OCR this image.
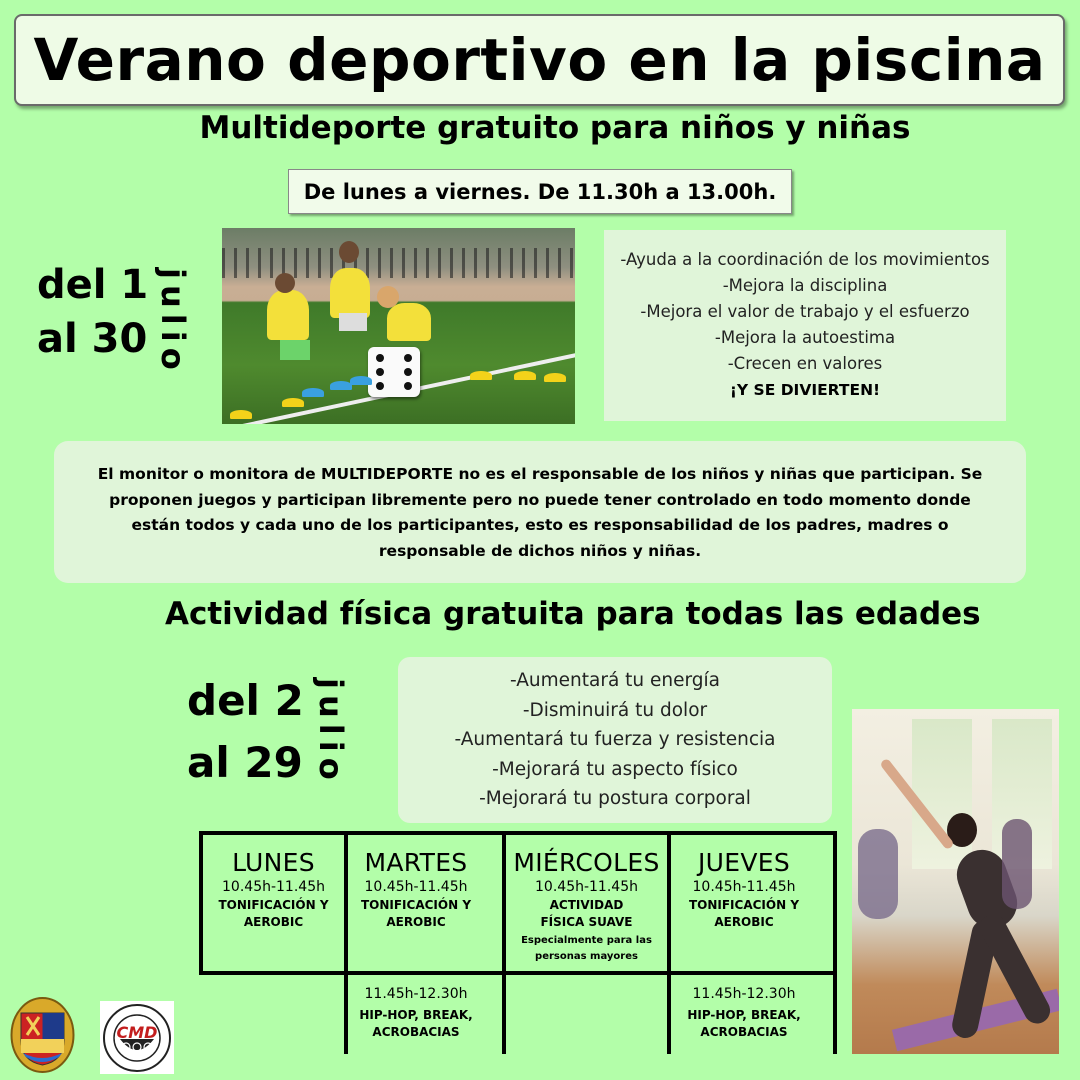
Verano deportivo en la piscina
Multideporte gratuito para niños y niñas
De lunes a viernes. De 11.30h a 13.00h.
del 1
al 30 julio
-Ayuda a la coordinación de los movimientos
-Mejora la disciplina
-Mejora el valor de trabajo y el esfuerzo
-Mejora la autoestima
-Crecen en valores
¡Y SE DIVIERTEN!
El monitor o monitora de MULTIDEPORTE no es el responsable de los niños y niñas que participan. Se proponen juegos y participan libremente pero no puede tener controlado en todo momento donde están todos y cada uno de los participantes, esto es responsabilidad de los padres, madres o responsable de dichos niños y niñas.
Actividad física gratuita para todas las edades
del 2
al 29 julio	-Aumentará tu energía
-Disminuirá tu dolor
-Aumentará tu fuerza y resistencia
-Mejorará tu aspecto físico
-Mejorará tu postura corporal
LUNES
10.45h-11.45h
TONIFICACIÓN Y
AEROBIC
MARTES
10.45h-11.45h
TONIFICACIÓN Y
AEROBIC
11.45h-12.30h
HIP-HOP, BREAK,
ACROBACIAS
MIÉRCOLES
10.45h-11.45h
ACTIVIDAD
FÍSICA SUAVE
Especialmente para las
personas mayores
JUEVES
10.45h-11.45h
TONIFICACIÓN Y
AEROBIC
11.45h-12.30h
HIP-HOP, BREAK,
ACROBACIAS
CMD
